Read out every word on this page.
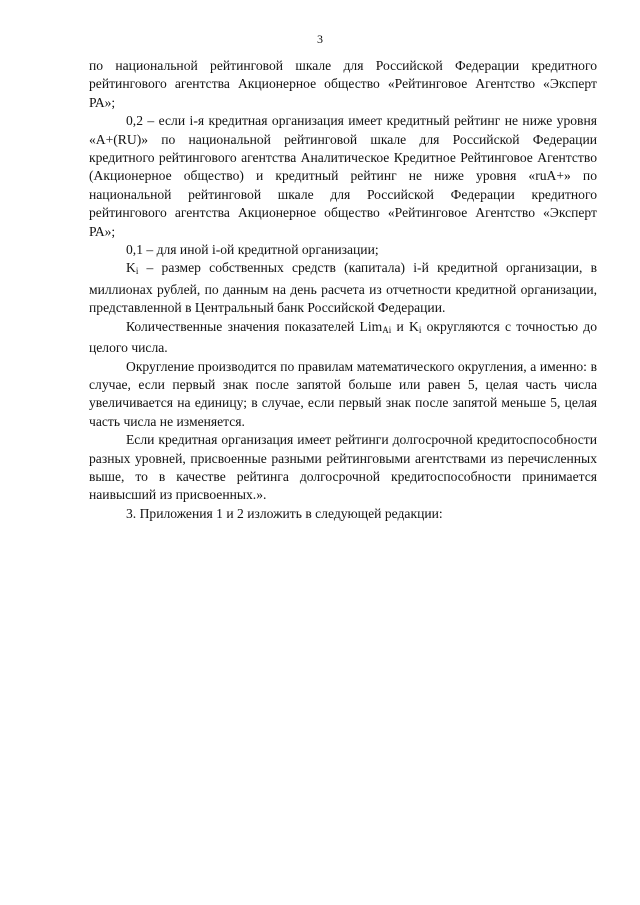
3

по национальной рейтинговой шкале для Российской Федерации кредитного рейтингового агентства Акционерное общество «Рейтинговое Агентство «Эксперт РА»;

0,2 – если i-я кредитная организация имеет кредитный рейтинг не ниже уровня «A+(RU)» по национальной рейтинговой шкале для Российской Федерации кредитного рейтингового агентства Аналитическое Кредитное Рейтинговое Агентство (Акционерное общество) и кредитный рейтинг не ниже уровня «ruA+» по национальной рейтинговой шкале для Российской Федерации кредитного рейтингового агентства Акционерное общество «Рейтинговое Агентство «Эксперт РА»;

0,1 – для иной i-ой кредитной организации;

$K_i$ – размер собственных средств (капитала) i-й кредитной организации, в миллионах рублей, по данным на день расчета из отчетности кредитной организации, представленной в Центральный банк Российской Федерации.

Количественные значения показателей Lim$_{Ai}$ и $K_i$ округляются с точностью до целого числа.

Округление производится по правилам математического округления, а именно: в случае, если первый знак после запятой больше или равен 5, целая часть числа увеличивается на единицу; в случае, если первый знак после запятой меньше 5, целая часть числа не изменяется.

Если кредитная организация имеет рейтинги долгосрочной кредитоспособности разных уровней, присвоенные разными рейтинговыми агентствами из перечисленных выше, то в качестве рейтинга долгосрочной кредитоспособности принимается наивысший из присвоенных.».

3. Приложения 1 и 2 изложить в следующей редакции:
